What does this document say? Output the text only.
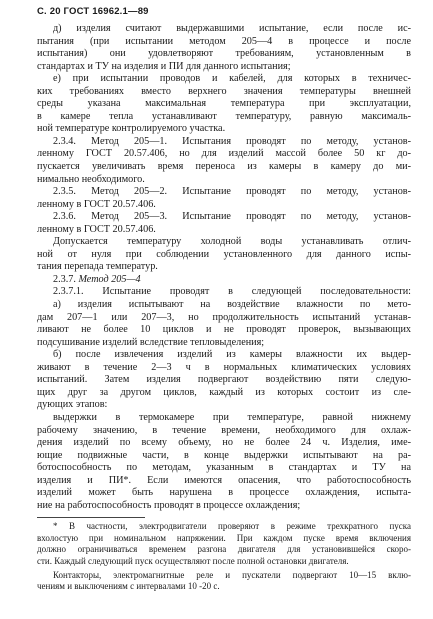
С. 20 ГОСТ 16962.1—89
д) изделия считают выдержавшими испытание, если после ис-
пытания (при испытании методом 205—4 в процессе и после
испытания) они удовлетворяют требованиям, установленным в
стандартах и ТУ на изделия и ПИ для данного испытания;
е) при испытании проводов и кабелей, для которых в техничес-
ких требованиях вместо верхнего значения температуры внешней
среды указана максимальная температура при эксплуатации,
в камере тепла устанавливают температуру, равную максималь-
ной температуре контролируемого участка.
2.3.4. Метод 205—1. Испытания проводят по методу, установ-
ленному ГОСТ 20.57.406, но для изделий массой более 50 кг до-
пускается увеличивать время переноса из камеры в камеру до ми-
нимально необходимого.
2.3.5. Метод 205—2. Испытание проводят по методу, установ-
ленному в ГОСТ 20.57.406.
2.3.6. Метод 205—3. Испытание проводят по методу, установ-
ленному в ГОСТ 20.57.406.
Допускается температуру холодной воды устанавливать отлич-
ной от нуля при соблюдении установленного для данного испы-
тания перепада температур.
2.3.7. Метод 205—4
2.3.7.1. Испытание проводят в следующей последовательности:
а) изделия испытывают на воздействие влажности по мето-
дам 207—1 или 207—3, но продолжительность испытаний устанав-
ливают не более 10 циклов и не проводят проверок, вызывающих
подсушивание изделий вследствие тепловыделения;
б) после извлечения изделий из камеры влажности их выдер-
живают в течение 2—3 ч в нормальных климатических условиях
испытаний. Затем изделия подвергают воздействию пяти следую-
щих друг за другом циклов, каждый из которых состоит из сле-
дующих этапов:
выдержки в термокамере при температуре, равной нижнему
рабочему значению, в течение времени, необходимого для охлаж-
дения изделий по всему объему, но не более 24 ч. Изделия, име-
ющие подвижные части, в конце выдержки испытывают на ра-
ботоспособность по методам, указанным в стандартах и ТУ на
изделия и ПИ*. Если имеются опасения, что работоспособность
изделий может быть нарушена в процессе охлаждения, испыта-
ние на работоспособность проводят в процессе охлаждения;
* В частности, электродвигатели проверяют в режиме трехкратного пуска
вхолостую при номинальном напряжении. При каждом пуске время включения
должно ограничиваться временем разгона двигателя для установившейся скоро-
сти. Каждый следующий пуск осуществляют после полной остановки двигателя.
Контакторы, электромагнитные реле и пускатели подвергают 10—15 вклю-
чениям и выключениям с интервалами 10 -20 с.
